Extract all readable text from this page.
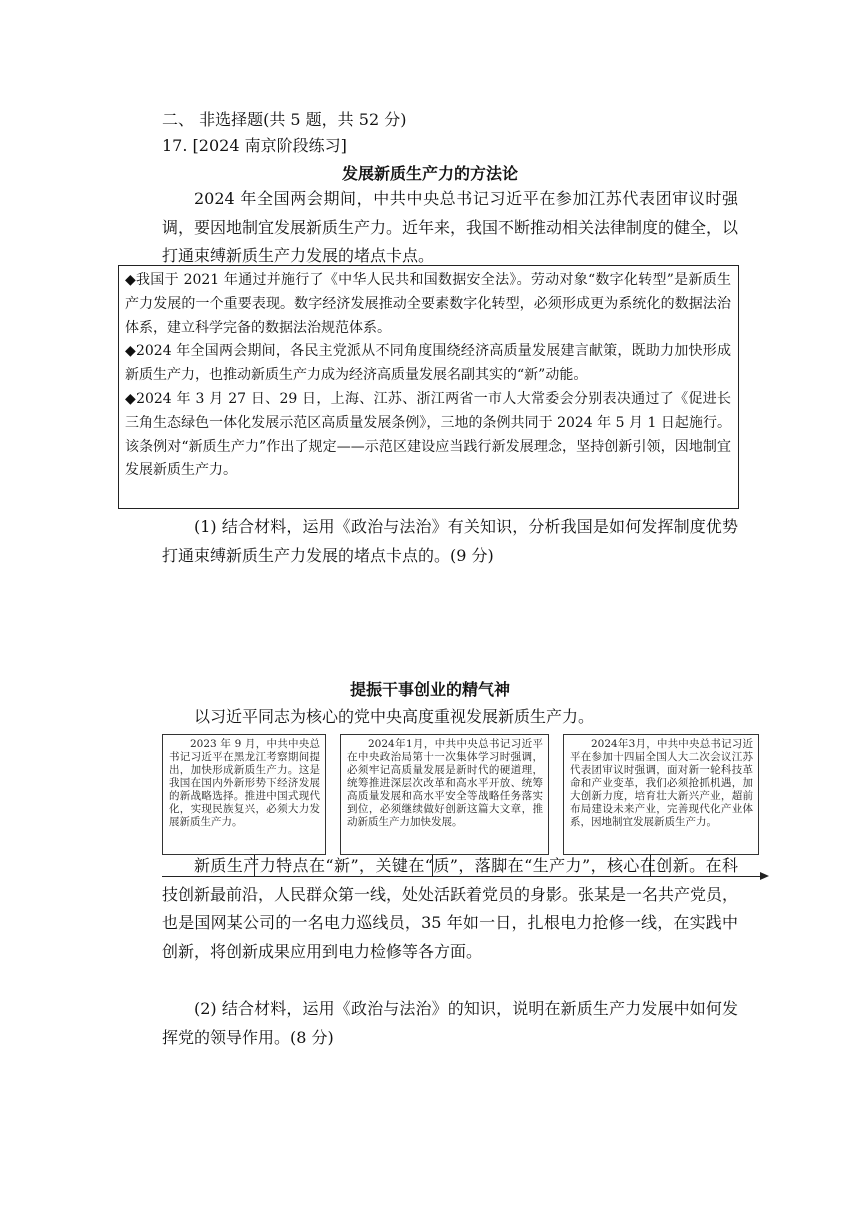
二、 非选择题(共 5 题，共 52 分)
17. [2024 南京阶段练习]
发展新质生产力的方法论
2024 年全国两会期间，中共中央总书记习近平在参加江苏代表团审议时强调，要因地制宜发展新质生产力。近年来，我国不断推动相关法律制度的健全，以打通束缚新质生产力发展的堵点卡点。
◆我国于 2021 年通过并施行了《中华人民共和国数据安全法》。劳动对象“数字化转型”是新质生产力发展的一个重要表现。数字经济发展推动全要素数字化转型，必须形成更为系统化的数据法治体系，建立科学完备的数据法治规范体系。
◆2024 年全国两会期间，各民主党派从不同角度围绕经济高质量发展建言献策，既助力加快形成新质生产力，也推动新质生产力成为经济高质量发展名副其实的“新”动能。
◆2024 年 3 月 27 日、29 日，上海、江苏、浙江两省一市人大常委会分别表决通过了《促进长三角生态绿色一体化发展示范区高质量发展条例》，三地的条例共同于 2024 年 5 月 1 日起施行。该条例对“新质生产力”作出了规定——示范区建设应当践行新发展理念，坚持创新引领，因地制宜发展新质生产力。
(1) 结合材料，运用《政治与法治》有关知识，分析我国是如何发挥制度优势打通束缚新质生产力发展的堵点卡点的。(9 分)
提振干事创业的精气神
以习近平同志为核心的党中央高度重视发展新质生产力。
2023 年 9 月，中共中央总书记习近平在黑龙江考察期间提出，加快形成新质生产力。这是我国在国内外新形势下经济发展的新战略选择。推进中国式现代化，实现民族复兴，必须大力发展新质生产力。
2024年1月，中共中央总书记习近平在中央政治局第十一次集体学习时强调，必须牢记高质量发展是新时代的硬道理，统筹推进深层次改革和高水平开放、统筹高质量发展和高水平安全等战略任务落实到位，必须继续做好创新这篇大文章，推动新质生产力加快发展。
2024年3月，中共中央总书记习近平在参加十四届全国人大二次会议江苏代表团审议时强调，面对新一轮科技革命和产业变革，我们必须抢抓机遇，加大创新力度，培育壮大新兴产业，超前布局建设未来产业，完善现代化产业体系，因地制宜发展新质生产力。
新质生产力特点在“新”，关键在“质”，落脚在“生产力”，核心在创新。在科技创新最前沿，人民群众第一线，处处活跃着党员的身影。张某是一名共产党员，也是国网某公司的一名电力巡线员，35 年如一日，扎根电力抢修一线，在实践中创新，将创新成果应用到电力检修等各方面。
(2) 结合材料，运用《政治与法治》的知识，说明在新质生产力发展中如何发挥党的领导作用。(8 分)
